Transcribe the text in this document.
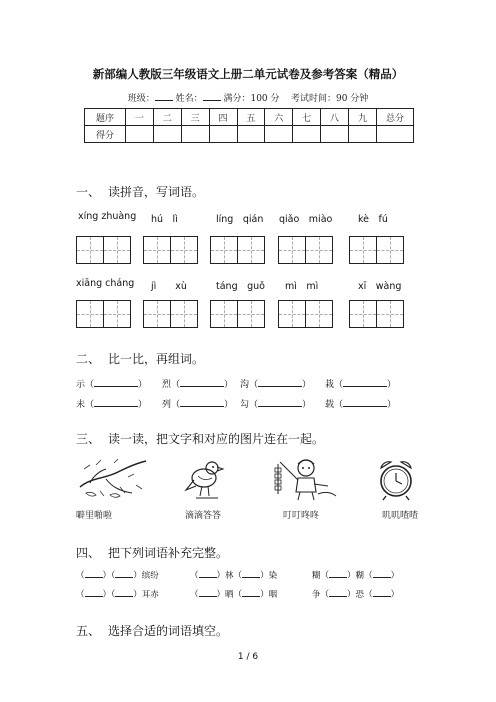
新部编人教版三年级语文上册二单元试卷及参考答案（精品）
班级： 姓名： 满分：100 分 考试时间：90 分钟
题序	一	二	三	四	五	六	七	八	九	总分
得分										
一、 读拼音，写词语。
xíng zhuàng hú　lì	líng　qián qiǎo　miào	kè　fú
xiāng cháng jì　　xù	táng　guǒ mì　mì	xī　wàng
二、 比一比，再组词。
示（	） 烈（	） 沟（	） 栽（	）
未（	） 列（	） 勾（	） 载（	）
三、 读一读，把文字和对应的图片连在一起。
噼里啪啦	滴滴答答	叮叮咚咚	叽叽喳喳
四、 把下列词语补充完整。
（ ）（ ）缤纷	（ ）林（ ）染	糊（ ）糊（ ）
（ ）（ ）耳赤	（ ）晒（ ）咽	争（ ）恐（ ）
五、 选择合适的词语填空。
1 / 6
